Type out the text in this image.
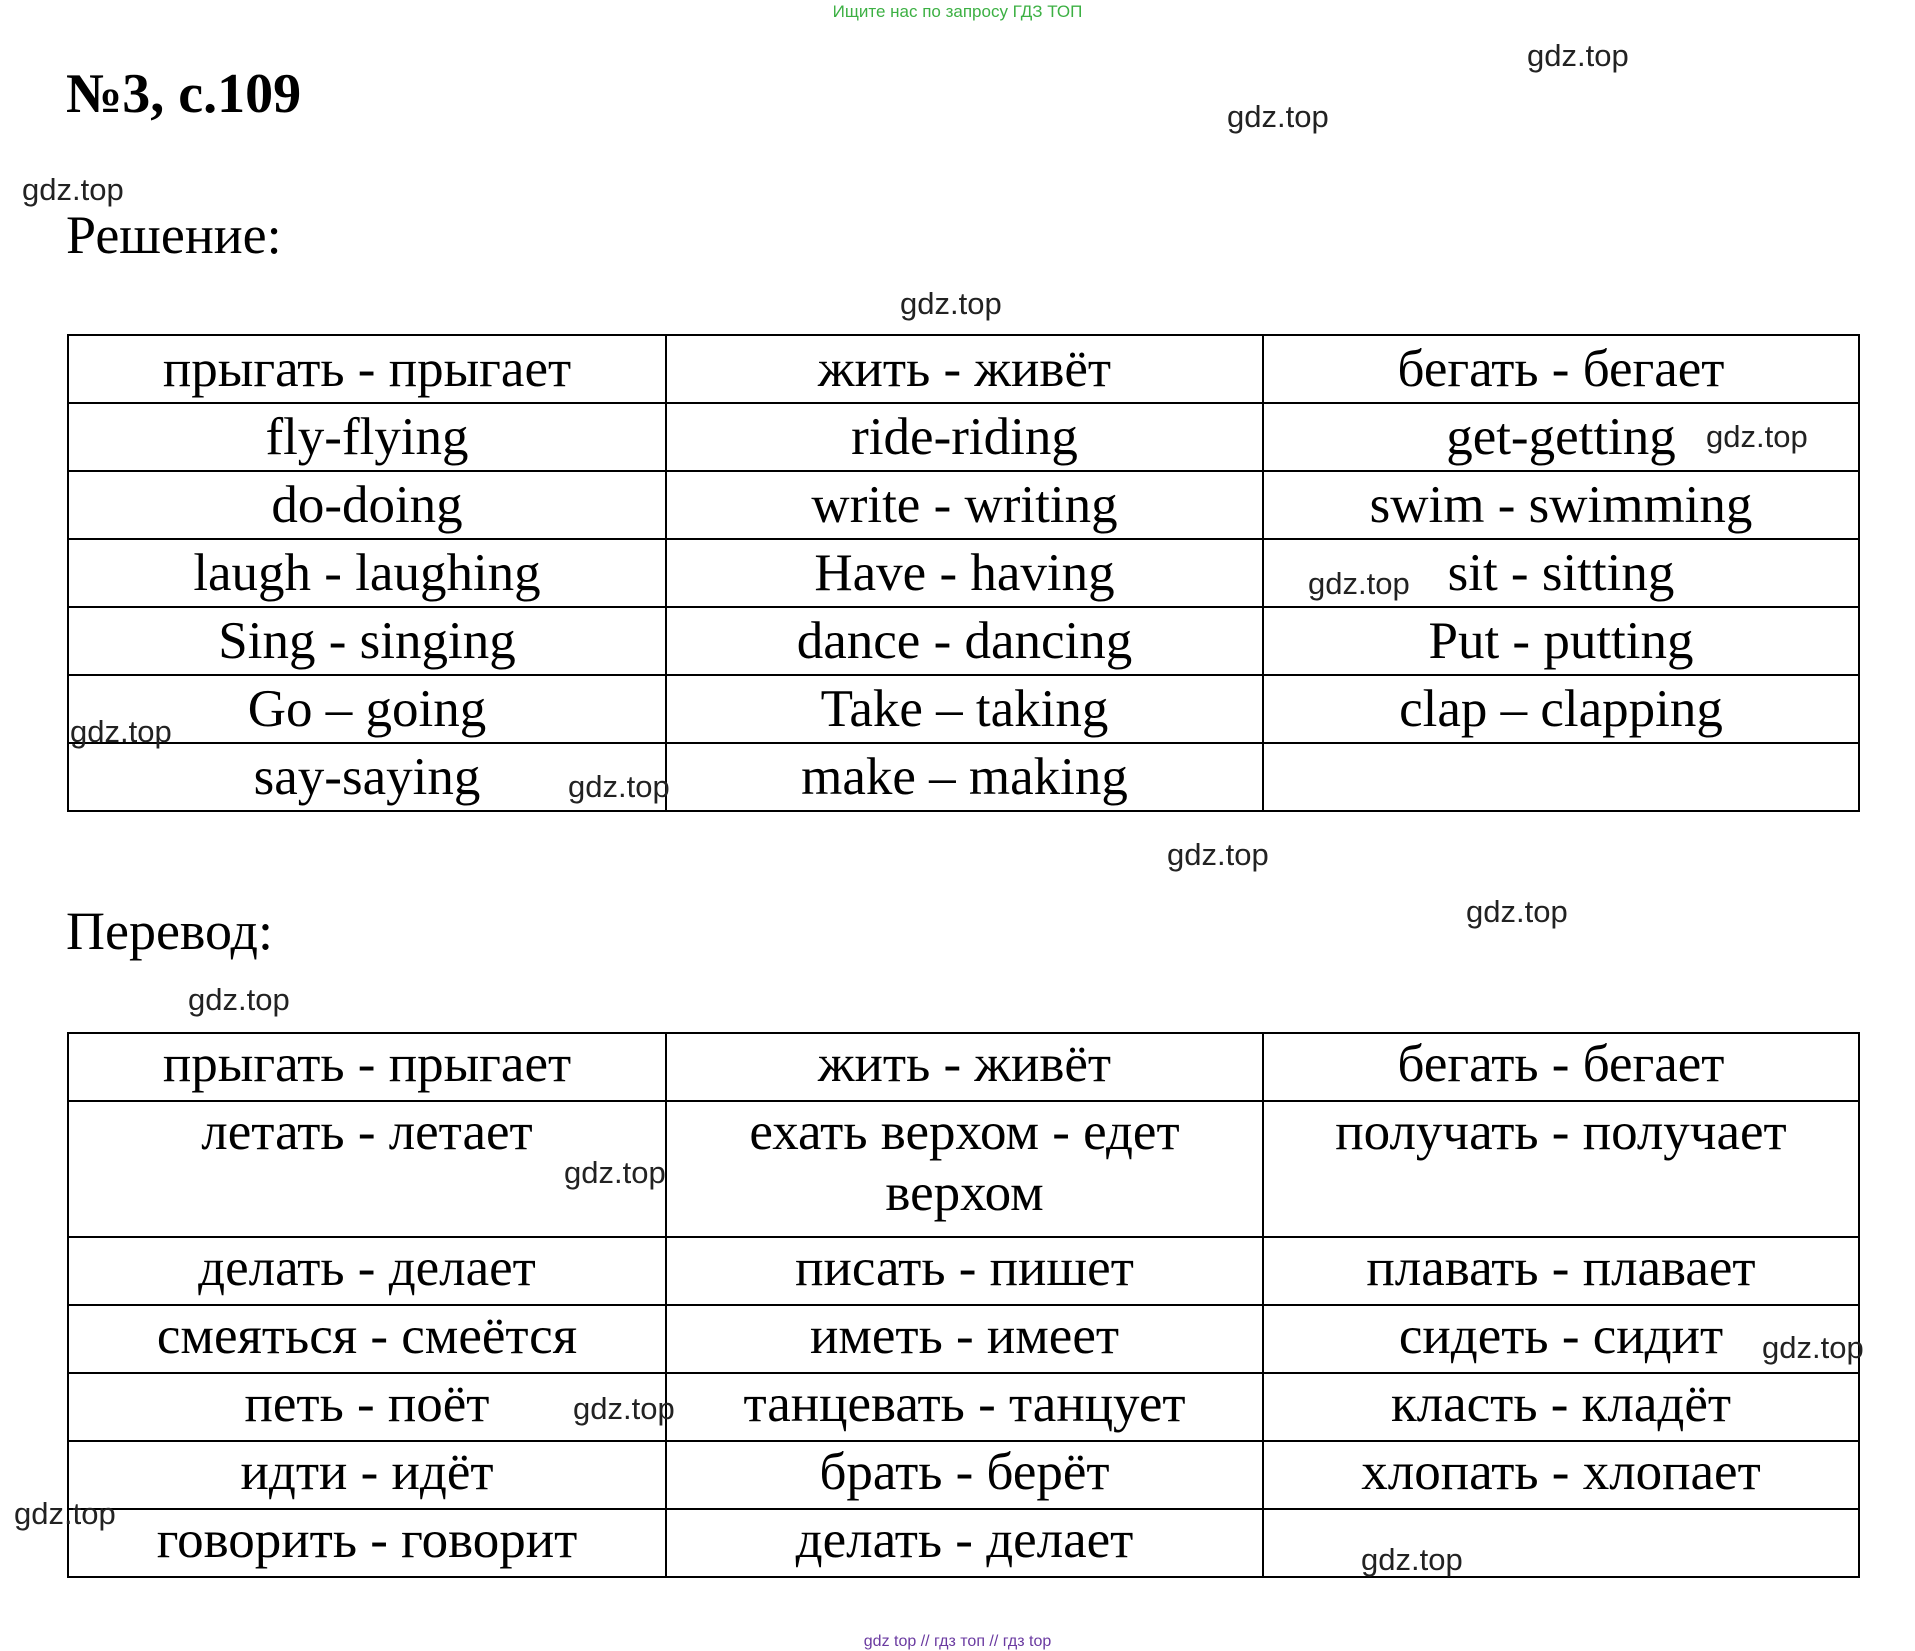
Ищите нас по запросу ГДЗ ТОП
№3, с.109
Решение:
прыгать - прыгает	жить - живёт	бегать - бегает
fly-flying	ride-riding	get-getting
do-doing	write - writing	swim - swimming
laugh - laughing	Have - having	sit - sitting
Sing - singing	dance - dancing	Put - putting
Go – going	Take – taking	clap – clapping
say-saying	make – making	
Перевод:
прыгать - прыгает	жить - живёт	бегать - бегает
летать - летает	ехать верхом - едет верхом	получать - получает
делать - делает	писать - пишет	плавать - плавает
смеяться - смеётся	иметь - имеет	сидеть - сидит
петь - поёт	танцевать - танцует	класть - кладёт
идти - идёт	брать - берёт	хлопать - хлопает
говорить - говорит	делать - делает	
gdz.top
gdz.top
gdz.top
gdz.top
gdz.top
gdz.top
gdz.top
gdz.top
gdz.top
gdz.top
gdz.top
gdz.top
gdz.top
gdz.top
gdz.top
gdz.top
gdz top // гдз топ // гдз top
